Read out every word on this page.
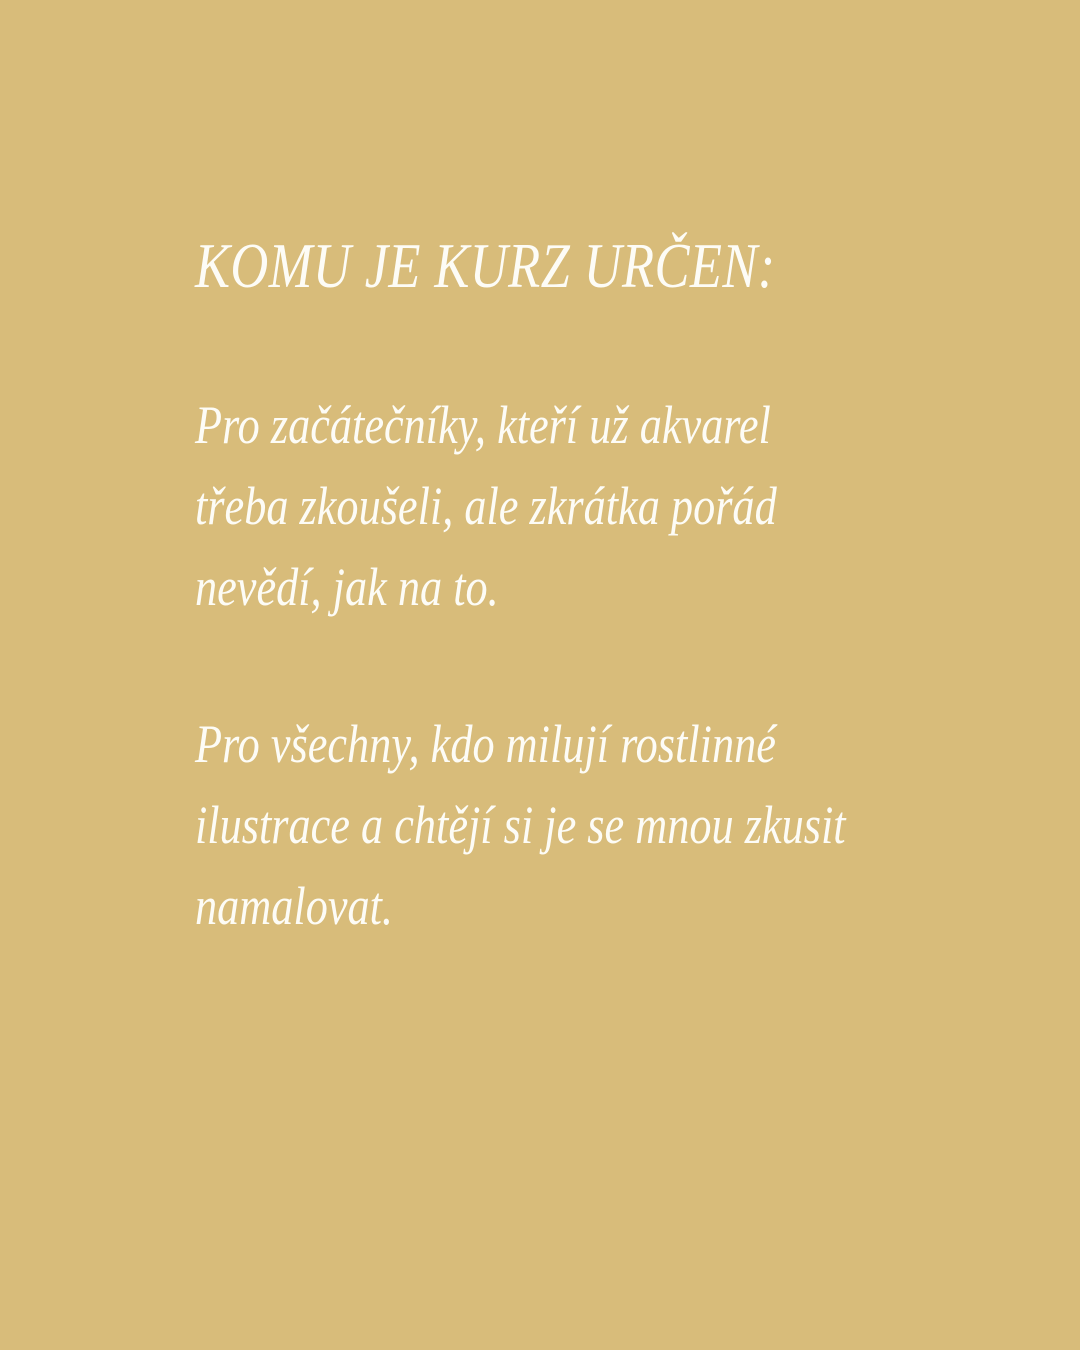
KOMU JE KURZ URČEN:
Pro začátečníky, kteří už akvarel
třeba zkoušeli, ale zkrátka pořád
nevědí, jak na to.
Pro všechny, kdo milují rostlinné
ilustrace a chtějí si je se mnou zkusit
namalovat.
